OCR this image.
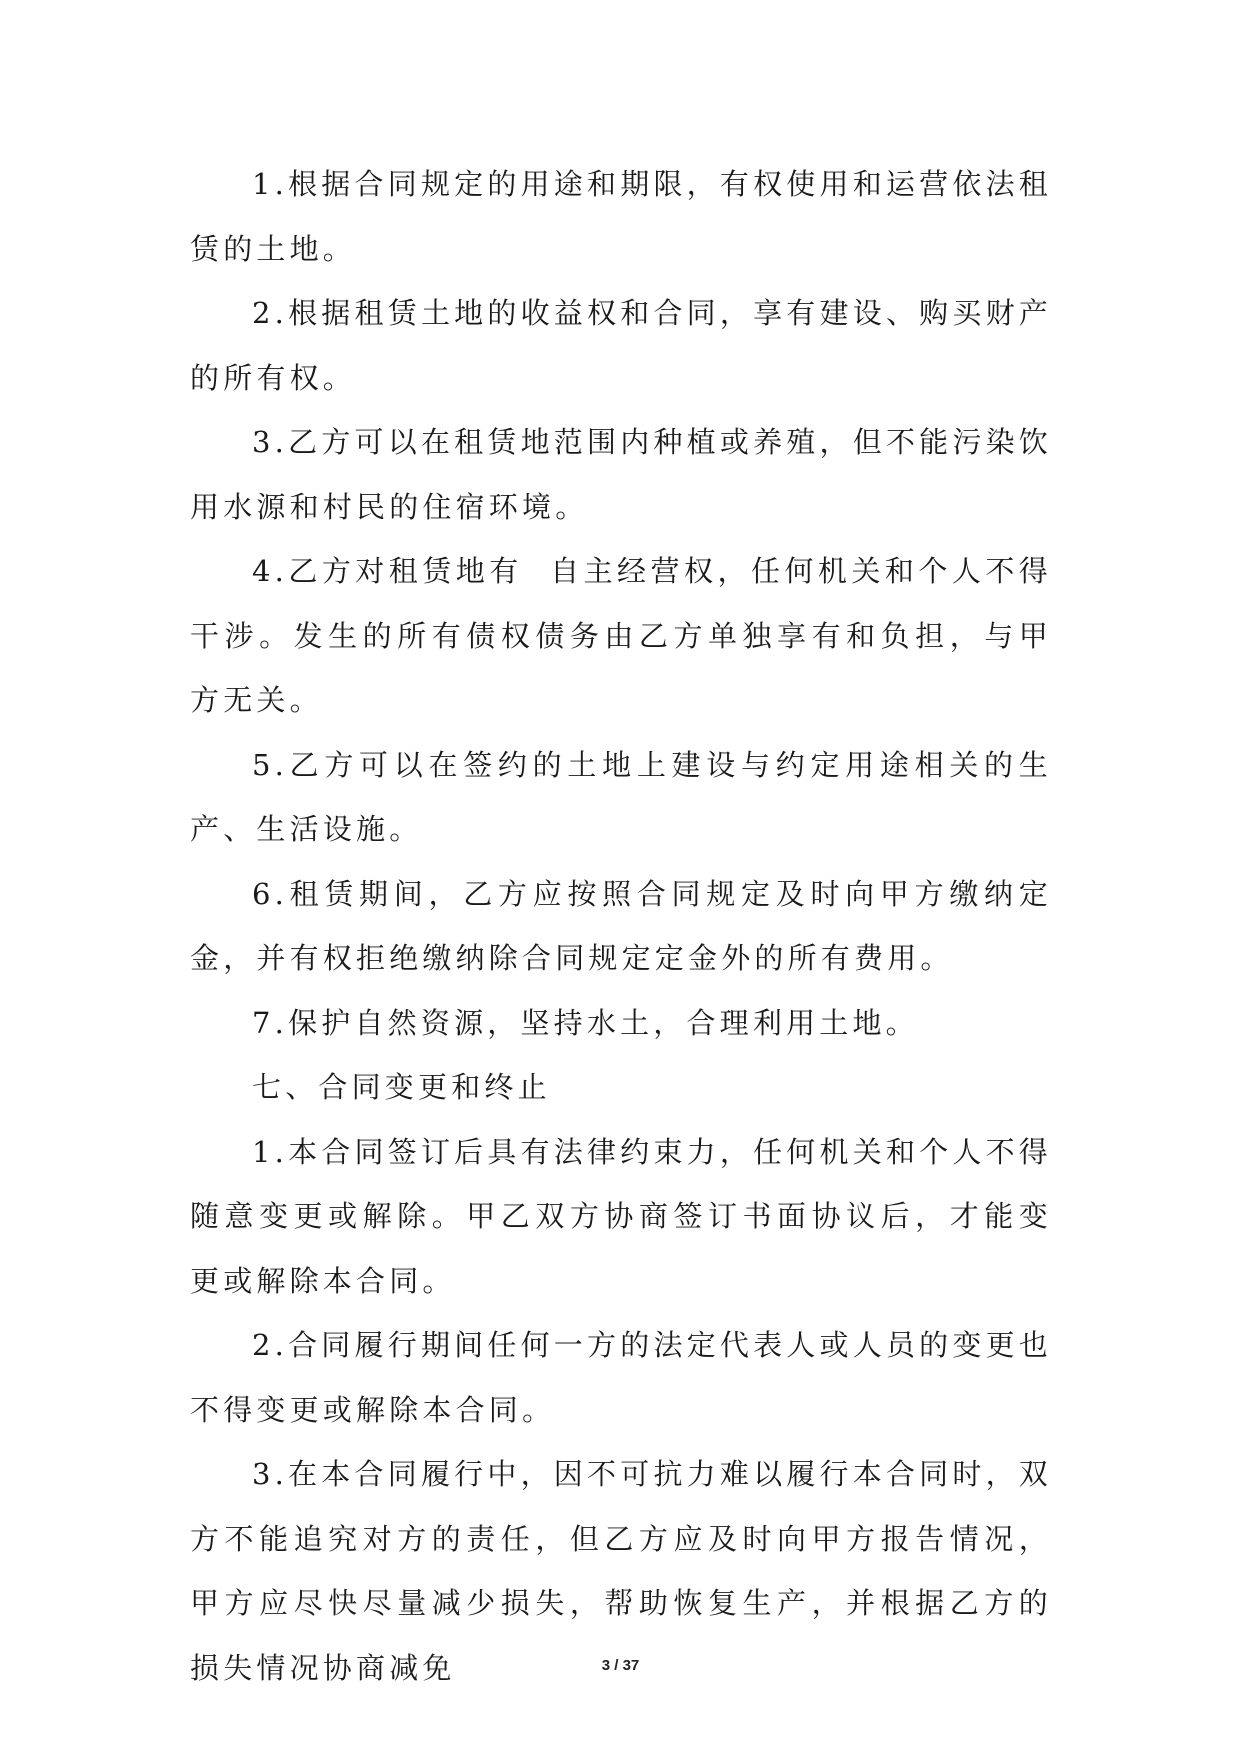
1.根据合同规定的用途和期限，有权使用和运营依法租赁的土地。

2.根据租赁土地的收益权和合同，享有建设、购买财产的所有权。

3.乙方可以在租赁地范围内种植或养殖，但不能污染饮用水源和村民的住宿环境。

4.乙方对租赁地有  自主经营权，任何机关和个人不得干涉。发生的所有债权债务由乙方单独享有和负担，与甲方无关。

5.乙方可以在签约的土地上建设与约定用途相关的生产、生活设施。

6.租赁期间，乙方应按照合同规定及时向甲方缴纳定金，并有权拒绝缴纳除合同规定定金外的所有费用。

7.保护自然资源，坚持水土，合理利用土地。

七、合同变更和终止

1.本合同签订后具有法律约束力，任何机关和个人不得随意变更或解除。甲乙双方协商签订书面协议后，才能变更或解除本合同。

2.合同履行期间任何一方的法定代表人或人员的变更也不得变更或解除本合同。

3.在本合同履行中，因不可抗力难以履行本合同时，双方不能追究对方的责任，但乙方应及时向甲方报告情况，甲方应尽快尽量减少损失，帮助恢复生产，并根据乙方的损失情况协商减免	3 / 37
